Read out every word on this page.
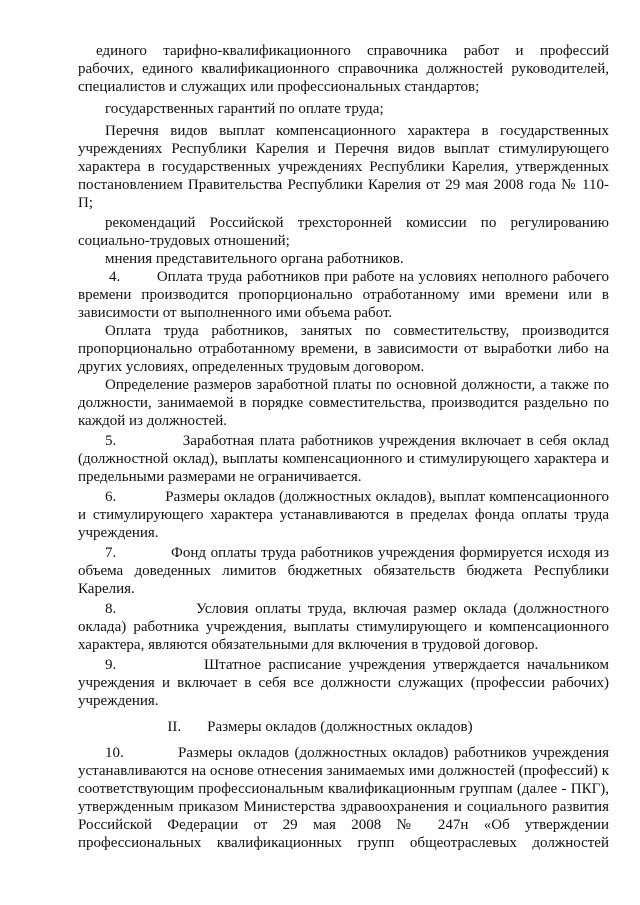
единого тарифно-квалификационного справочника работ и профессий
рабочих, единого квалификационного справочника должностей руководителей,
специалистов и служащих или профессиональных стандартов;
государственных гарантий по оплате труда;
Перечня видов выплат компенсационного характера в государственных
учреждениях Республики Карелия и Перечня видов выплат стимулирующего
характера в государственных учреждениях Республики Карелия, утвержденных
постановлением Правительства Республики Карелия от 29 мая 2008 года № 110-
П;
рекомендаций Российской трехсторонней комиссии по регулированию
социально-трудовых отношений;
мнения представительного органа работников.
4.        Оплата труда работников при работе на условиях неполного рабочего
времени производится пропорционально отработанному ими времени или в
зависимости от выполненного ими объема работ.
Оплата труда работников, занятых по совместительству, производится
пропорционально отработанному времени, в зависимости от выработки либо на
других условиях, определенных трудовым договором.
Определение размеров заработной платы по основной должности, а также по
должности, занимаемой в порядке совместительства, производится раздельно по
каждой из должностей.
5.            Заработная плата работников учреждения включает в себя оклад
(должностной оклад), выплаты компенсационного и стимулирующего характера и
предельными размерами не ограничивается.
6.            Размеры окладов (должностных окладов), выплат компенсационного
и стимулирующего характера устанавливаются в пределах фонда оплаты труда
учреждения.
7.            Фонд оплаты труда работников учреждения формируется исходя из
объема доведенных лимитов бюджетных обязательств бюджета Республики
Карелия.
8.            Условия оплаты труда, включая размер оклада (должностного
оклада) работника учреждения, выплаты стимулирующего и компенсационного
характера, являются обязательными для включения в трудовой договор.
9.            Штатное расписание учреждения утверждается начальником
учреждения и включает в себя все должности служащих (профессии рабочих)
учреждения.
II. Размеры окладов (должностных окладов)
10.          Размеры окладов (должностных окладов) работников учреждения
устанавливаются на основе отнесения занимаемых ими должностей (профессий) к
соответствующим профессиональным квалификационным группам (далее - ПКГ),
утвержденным приказом Министерства здравоохранения и социального развития
Российской Федерации от 29 мая 2008 № 247н «Об утверждении
профессиональных квалификационных групп общеотраслевых должностей
